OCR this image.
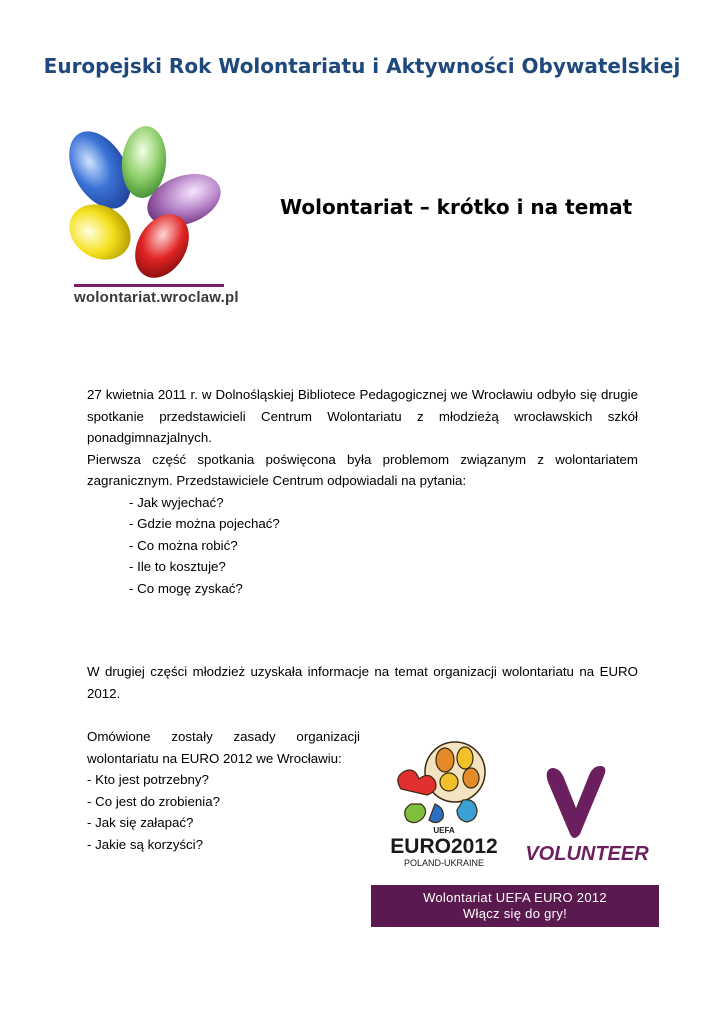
Europejski Rok Wolontariatu i Aktywności Obywatelskiej
wolontariat.wroclaw.pl
Wolontariat – krótko i na temat

27 kwietnia 2011 r. w Dolnośląskiej Bibliotece Pedagogicznej we Wrocławiu odbyło się drugie spotkanie przedstawicieli Centrum Wolontariatu z młodzieżą wrocławskich szkół ponadgimnazjalnych.

Pierwsza część spotkania poświęcona była problemom związanym z wolontariatem zagranicznym. Przedstawiciele Centrum odpowiadali na pytania:

- Jak wyjechać?

- Gdzie można pojechać?

- Co można robić?

- Ile to kosztuje?

- Co mogę zyskać?

W drugiej części młodzież uzyskała informacje na temat organizacji wolontariatu na EURO 2012.

Omówione zostały zasady organizacji

wolontariatu na EURO 2012 we Wrocławiu:

- Kto jest potrzebny?

- Co jest do zrobienia?

- Jak się załapać?

- Jakie są korzyści?

UEFA
EURO2012
POLAND-UKRAINE VOLUNTEER
Wolontariat UEFA EURO 2012
Włącz się do gry!
